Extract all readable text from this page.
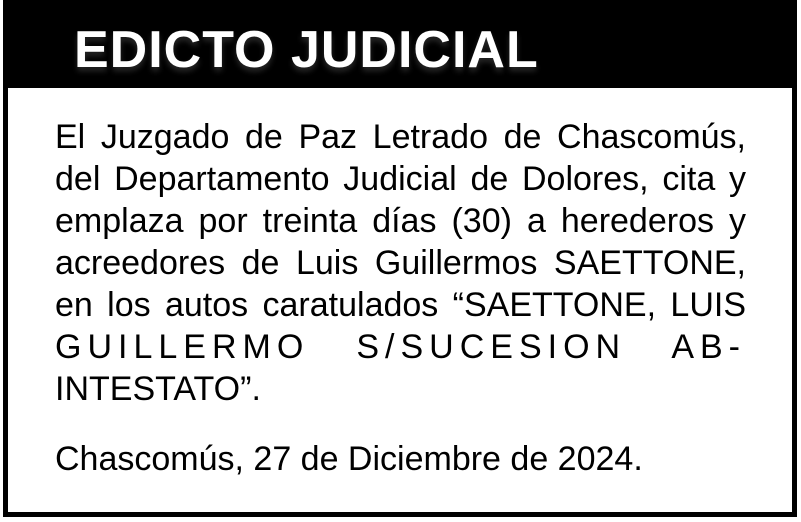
EDICTO JUDICIAL
El Juzgado de Paz Letrado de Chascomús,
del Departamento Judicial de Dolores, cita y
emplaza por treinta días (30) a herederos y
acreedores de Luis Guillermos SAETTONE,
en los autos caratulados “SAETTONE, LUIS
GUILLERMO S/SUCESION AB-
INTESTATO”.
Chascomús, 27 de Diciembre de 2024.
